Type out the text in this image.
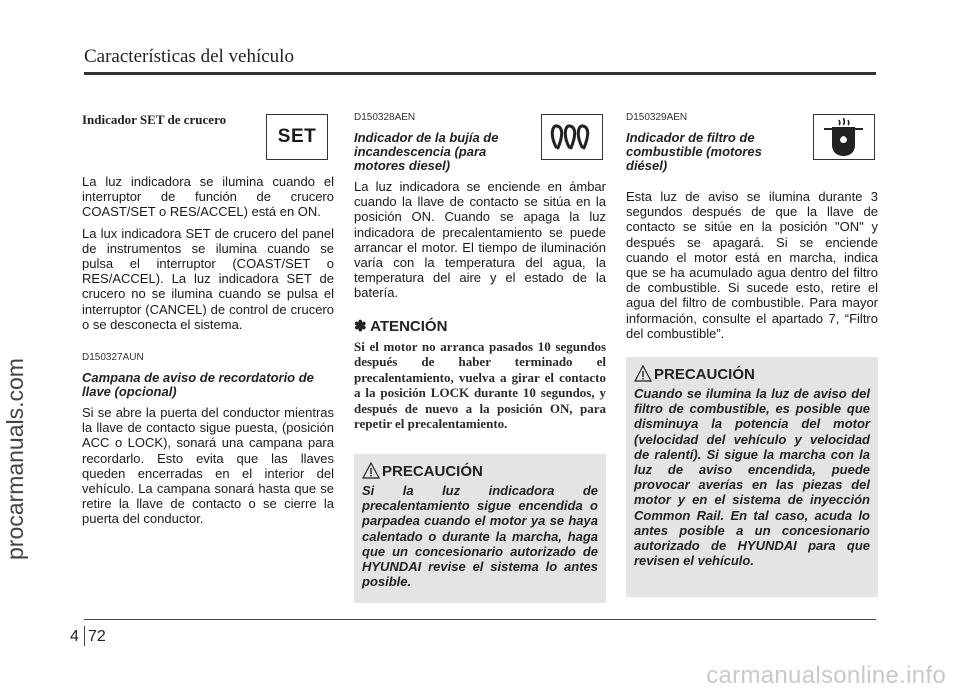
Características del vehículo
procarmanuals.com

Indicador SET de crucero

La luz indicadora se ilumina cuando el interruptor de función de crucero COAST/SET o RES/ACCEL) está en ON.

La lux indicadora SET de crucero del panel de instrumentos se ilumina cuando se pulsa el interruptor (COAST/SET o RES/ACCEL). La luz indicadora SET de crucero no se ilumina cuando se pulsa el interruptor (CANCEL) de control de crucero o se desconecta el sistema.

D150327AUN

Campana de aviso de recordatorio de llave (opcional)

Si se abre la puerta del conductor mientras la llave de contacto sigue puesta, (posición ACC o LOCK), sonará una campana para recordarlo. Esto evita que las llaves queden encerradas en el interior del vehículo. La campana sonará hasta que se retire la llave de contacto o se cierre la puerta del conductor.

SET

D150328AEN

Indicador de la bujía de incandescencia (para motores diesel)

La luz indicadora se enciende en ámbar cuando la llave de contacto se sitúa en la posición ON. Cuando se apaga la luz indicadora de precalentamiento se puede arrancar el motor. El tiempo de iluminación varía con la temperatura del agua, la temperatura del aire y el estado de la batería.

✽ ATENCIÓN

Si el motor no arranca pasados 10 segundos después de haber terminado el precalentamiento, vuelva a girar el contacto a la posición LOCK durante 10 segundos, y después de nuevo a la posición ON, para repetir el precalentamiento.

PRECAUCIÓN

Si la luz indicadora de precalentamiento sigue encendida o parpadea cuando el motor ya se haya calentado o durante la marcha, haga que un concesionario autorizado de HYUNDAI revise el sistema lo antes posible.

D150329AEN

Indicador de filtro de combustible (motores diésel)

Esta luz de aviso se ilumina durante 3 segundos después de que la llave de contacto se sitúe en la posición "ON" y después se apagará. Si se enciende cuando el motor está en marcha, indica que se ha acumulado agua dentro del filtro de combustible. Si sucede esto, retire el agua del filtro de combustible. Para mayor información, consulte el apartado 7, “Filtro del combustible”.

PRECAUCIÓN

Cuando se ilumina la luz de aviso del filtro de combustible, es posible que disminuya la potencia del motor (velocidad del vehículo y velocidad de ralentí). Si sigue la marcha con la luz de aviso encendida, puede provocar averías en las piezas del motor y en el sistema de inyección Common Rail. En tal caso, acuda lo antes posible a un concesionario autorizado de HYUNDAI para que revisen el vehículo.

4 72
carmanualsonline.info
